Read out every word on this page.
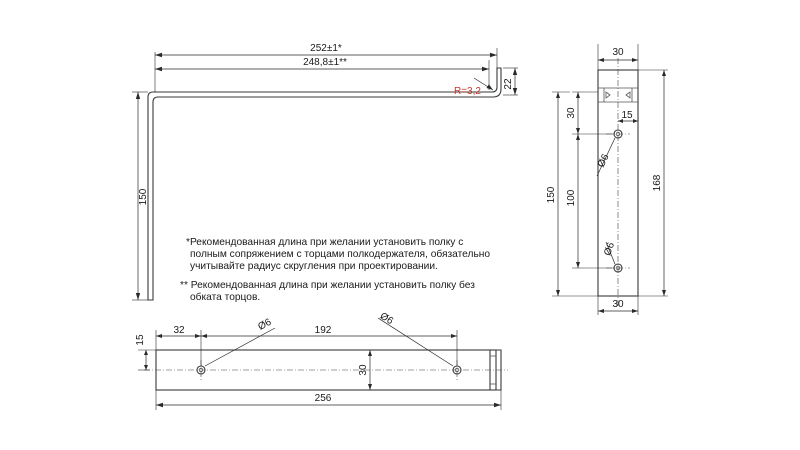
252±1*
248,8±1**
R=3,2
22
150
30
30	15
Ø6
100
Ø6
150
168
30
*Рекомендованная длина при желании установить полку с
полным сопряжением с торцами полкодержателя, обязательно
учитывайте радиус скругления при проектировании.
** Рекомендованная длина при желании установить полку без
обката торцов.
15
32	Ø6	192
Ø6
30
256
